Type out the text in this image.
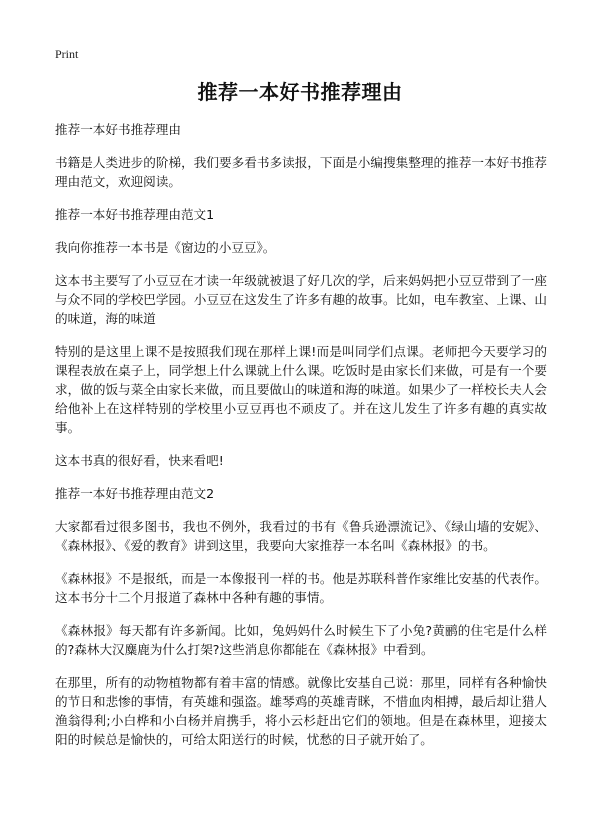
Print
推荐一本好书推荐理由

推荐一本好书推荐理由

书籍是人类进步的阶梯，我们要多看书多读报，下面是小编搜集整理的推荐一本好书推荐理由范文，欢迎阅读。

推荐一本好书推荐理由范文1

我向你推荐一本书是《窗边的小豆豆》。

这本书主要写了小豆豆在才读一年级就被退了好几次的学，后来妈妈把小豆豆带到了一座与众不同的学校巴学园。小豆豆在这发生了许多有趣的故事。比如，电车教室、上课、山的味道，海的味道

特别的是这里上课不是按照我们现在那样上课!而是叫同学们点课。老师把今天要学习的课程表放在桌子上，同学想上什么课就上什么课。吃饭时是由家长们来做，可是有一个要求，做的饭与菜全由家长来做，而且要做山的味道和海的味道。如果少了一样校长夫人会给他补上在这样特别的学校里小豆豆再也不顽皮了。并在这儿发生了许多有趣的真实故事。

这本书真的很好看，快来看吧!

推荐一本好书推荐理由范文2

大家都看过很多图书，我也不例外，我看过的书有《鲁兵逊漂流记》、《绿山墙的安妮》、《森林报》、《爱的教育》讲到这里，我要向大家推荐一本名叫《森林报》的书。

《森林报》不是报纸，而是一本像报刊一样的书。他是苏联科普作家维比安基的代表作。这本书分十二个月报道了森林中各种有趣的事情。

《森林报》每天都有许多新闻。比如，兔妈妈什么时候生下了小兔?黄鹂的住宅是什么样的?森林大汉麋鹿为什么打架?这些消息你都能在《森林报》中看到。

在那里，所有的动物植物都有着丰富的情感。就像比安基自己说：那里，同样有各种愉快的节日和悲惨的事情，有英雄和强盗。雄琴鸡的英雄青眯，不惜血肉相搏，最后却让猎人渔翁得利;小白桦和小白杨并肩携手，将小云杉赶出它们的领地。但是在森林里，迎接太阳的时候总是愉快的，可给太阳送行的时候，忧愁的日子就开始了。
